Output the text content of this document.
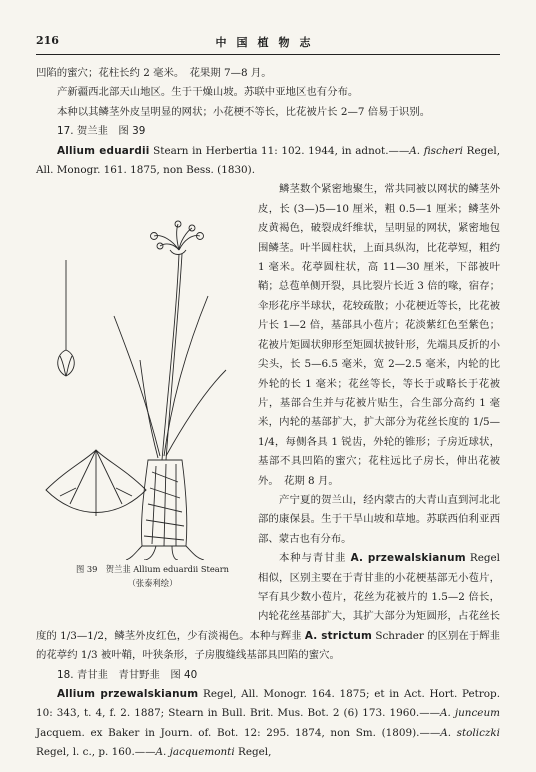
216	中国植物志

凹陷的蜜穴；花柱长约 2 毫米。　花果期 7—8 月。

产新疆西北部天山地区。生于干燥山坡。苏联中亚地区也有分布。

本种以其鳞茎外皮呈明显的网状；小花梗不等长，比花被片长 2—7 倍易于识别。

17. 贺兰韭　图 39

Allium eduardii Stearn in Herbertia 11: 102. 1944, in adnot.——A. fischeri Regel, All. Monogr. 161. 1875, non Bess. (1830).

图 39　贺兰韭 Allium eduardii Stearn
（张泰利绘）
鳞茎数个紧密地聚生，常共同被以网状的鳞茎外皮，长 (3—)5—10 厘米，粗 0.5—1 厘米；鳞茎外皮黄褐色，破裂成纤维状，呈明显的网状，紧密地包围鳞茎。叶半圆柱状，上面具纵沟，比花葶短，粗约 1 毫米。花葶圆柱状，高 11—30 厘米，下部被叶鞘；总苞单侧开裂，具比裂片长近 3 倍的喙，宿存；伞形花序半球状，花较疏散；小花梗近等长，比花被片长 1—2 倍，基部具小苞片；花淡紫红色至紫色；花被片矩圆状卵形至矩圆状披针形，先端具反折的小尖头，长 5—6.5 毫米，宽 2—2.5 毫米，内轮的比外轮的长 1 毫米；花丝等长，等长于或略长于花被片，基部合生并与花被片贴生，合生部分高约 1 毫米，内轮的基部扩大，扩大部分为花丝长度的 1/5—1/4，每侧各具 1 锐齿，外轮的锥形；子房近球状，基部不具凹陷的蜜穴；花柱远比子房长，伸出花被外。　花期 8 月。

产宁夏的贺兰山，经内蒙古的大青山直到河北北部的康保县。生于干旱山坡和草地。苏联西伯利亚西部、蒙古也有分布。

本种与青甘韭 A. przewalskianum Regel 相似，区别主要在于青甘韭的小花梗基部无小苞片，罕有具少数小苞片，花丝为花被片的 1.5—2 倍长，内轮花丝基部扩大，其扩大部分为矩圆形，占花丝长度的 1/3—1/2，鳞茎外皮红色，少有淡褐色。本种与辉韭 A. strictum Schrader 的区别在于辉韭的花葶约 1/3 被叶鞘，叶狭条形，子房腹缝线基部具凹陷的蜜穴。

18. 青甘韭　青甘野韭　图 40

Allium przewalskianum Regel, All. Monogr. 164. 1875; et in Act. Hort. Petrop. 10: 343, t. 4, f. 2. 1887; Stearn in Bull. Brit. Mus. Bot. 2 (6) 173. 1960.——A. junceum Jacquem. ex Baker in Journ. of. Bot. 12: 295. 1874, non Sm. (1809).——A. stoliczki Regel, l. c., p. 160.——A. jacquemonti Regel,
